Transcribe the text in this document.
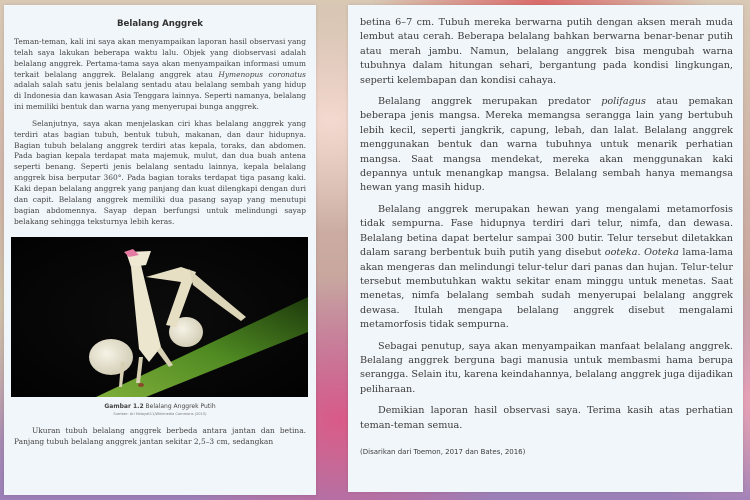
Belalang Anggrek

Teman-teman, kali ini saya akan menyampaikan laporan hasil observasi yang telah saya lakukan beberapa waktu lalu. Objek yang diobservasi adalah belalang anggrek. Pertama-tama saya akan menyampaikan informasi umum terkait belalang anggrek. Belalang anggrek atau Hymenopus coronatus adalah salah satu jenis belalang sentadu atau belalang sembah yang hidup di Indonesia dan kawasan Asia Tenggara lainnya. Seperti namanya, belalang ini memiliki bentuk dan warna yang menyerupai bunga anggrek.

Selanjutnya, saya akan menjelaskan ciri khas belalang anggrek yang terdiri atas bagian tubuh, bentuk tubuh, makanan, dan daur hidupnya. Bagian tubuh belalang anggrek terdiri atas kepala, toraks, dan abdomen. Pada bagian kepala terdapat mata majemuk, mulut, dan dua buah antena seperti benang. Seperti jenis belalang sentadu lainnya, kepala belalang anggrek bisa berputar 360°. Pada bagian toraks terdapat tiga pasang kaki. Kaki depan belalang anggrek yang panjang dan kuat dilengkapi dengan duri dan capit. Belalang anggrek memiliki dua pasang sayap yang menutupi bagian abdomennya. Sayap depan berfungsi untuk melindungi sayap belakang sehingga teksturnya lebih keras.

Gambar 1.2 Belalang Anggrek Putih
Sumber: Ari Hidayat11/Wikimedia Commons (2015)

Ukuran tubuh belalang anggrek berbeda antara jantan dan betina. Panjang tubuh belalang anggrek jantan sekitar 2,5–3 cm, sedangkan

betina 6–7 cm. Tubuh mereka berwarna putih dengan aksen merah muda lembut atau cerah. Beberapa belalang bahkan berwarna benar-benar putih atau merah jambu. Namun, belalang anggrek bisa mengubah warna tubuhnya dalam hitungan sehari, bergantung pada kondisi lingkungan, seperti kelembapan dan kondisi cahaya.

Belalang anggrek merupakan predator polifagus atau pemakan beberapa jenis mangsa. Mereka memangsa serangga lain yang bertubuh lebih kecil, seperti jangkrik, capung, lebah, dan lalat. Belalang anggrek menggunakan bentuk dan warna tubuhnya untuk menarik perhatian mangsa. Saat mangsa mendekat, mereka akan menggunakan kaki depannya untuk menangkap mangsa. Belalang sembah hanya memangsa hewan yang masih hidup.

Belalang anggrek merupakan hewan yang mengalami metamorfosis tidak sempurna. Fase hidupnya terdiri dari telur, nimfa, dan dewasa. Belalang betina dapat bertelur sampai 300 butir. Telur tersebut diletakkan dalam sarang berbentuk buih putih yang disebut ooteka. Ooteka lama-lama akan mengeras dan melindungi telur-telur dari panas dan hujan. Telur-telur tersebut membutuhkan waktu sekitar enam minggu untuk menetas. Saat menetas, nimfa belalang sembah sudah menyerupai belalang anggrek dewasa. Itulah mengapa belalang anggrek disebut mengalami metamorfosis tidak sempurna.

Sebagai penutup, saya akan menyampaikan manfaat belalang anggrek. Belalang anggrek berguna bagi manusia untuk membasmi hama berupa serangga. Selain itu, karena keindahannya, belalang anggrek juga dijadikan peliharaan.

Demikian laporan hasil observasi saya. Terima kasih atas perhatian teman-teman semua.

(Disarikan dari Toemon, 2017 dan Bates, 2016)
